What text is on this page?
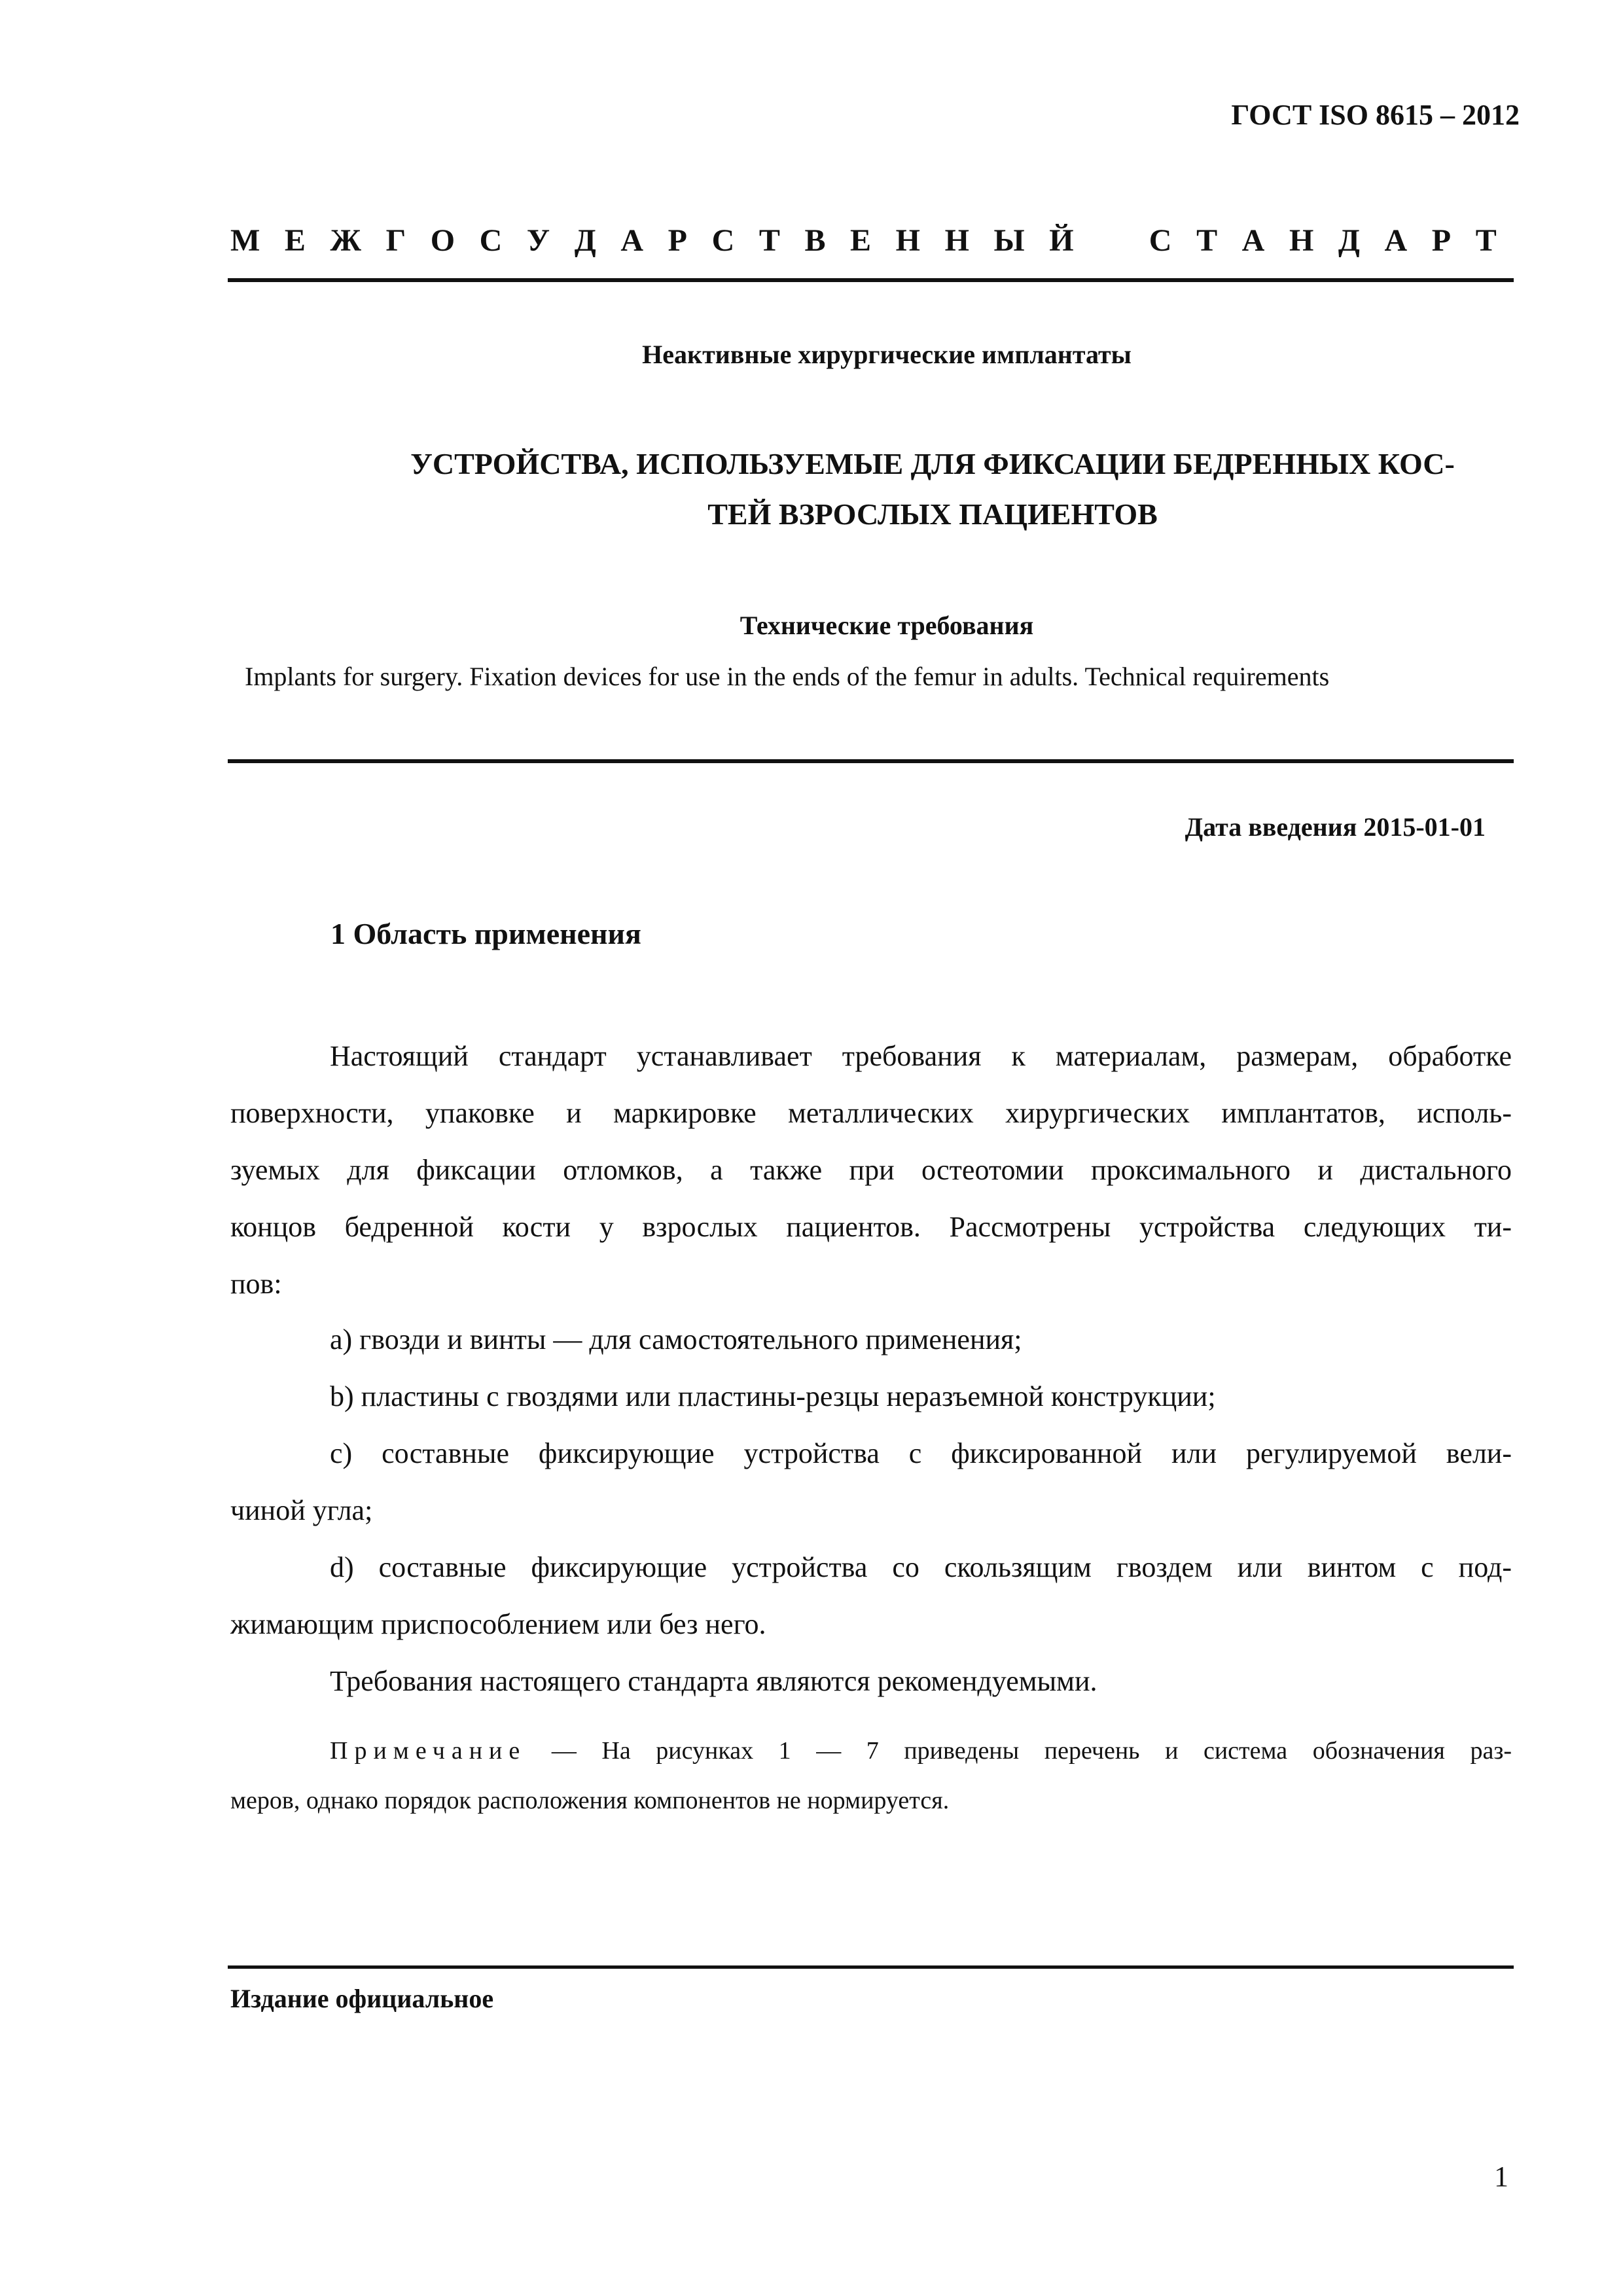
ГОСТ ISO 8615 – 2012
М Е Ж Г О С У Д А Р С Т В Е Н Н Ы Й С Т А Н Д А Р Т
Неактивные хирургические имплантаты
УСТРОЙСТВА, ИСПОЛЬЗУЕМЫЕ ДЛЯ ФИКСАЦИИ БЕДРЕННЫХ КОС-
ТЕЙ ВЗРОСЛЫХ ПАЦИЕНТОВ
Технические требования
Implants for surgery. Fixation devices for use in the ends of the femur in adults. Technical requirements
Дата введения 2015-01-01
1 Область применения
Настоящий стандарт устанавливает требования к материалам, размерам, обработке
поверхности, упаковке и маркировке металлических хирургических имплантатов, исполь-
зуемых для фиксации отломков, а также при остеотомии проксимального и дистального
концов бедренной кости у взрослых пациентов. Рассмотрены устройства следующих ти-
пов:
a) гвозди и винты — для самостоятельного применения;
b) пластины с гвоздями или пластины-резцы неразъемной конструкции;
c) составные фиксирующие устройства с фиксированной или регулируемой вели-
чиной угла;
d) составные фиксирующие устройства со скользящим гвоздем или винтом с под-
жимающим приспособлением или без него.
Требования настоящего стандарта являются рекомендуемыми.
Примечание — На рисунках 1 — 7 приведены перечень и система обозначения раз-
меров, однако порядок расположения компонентов не нормируется.
Издание официальное
1
